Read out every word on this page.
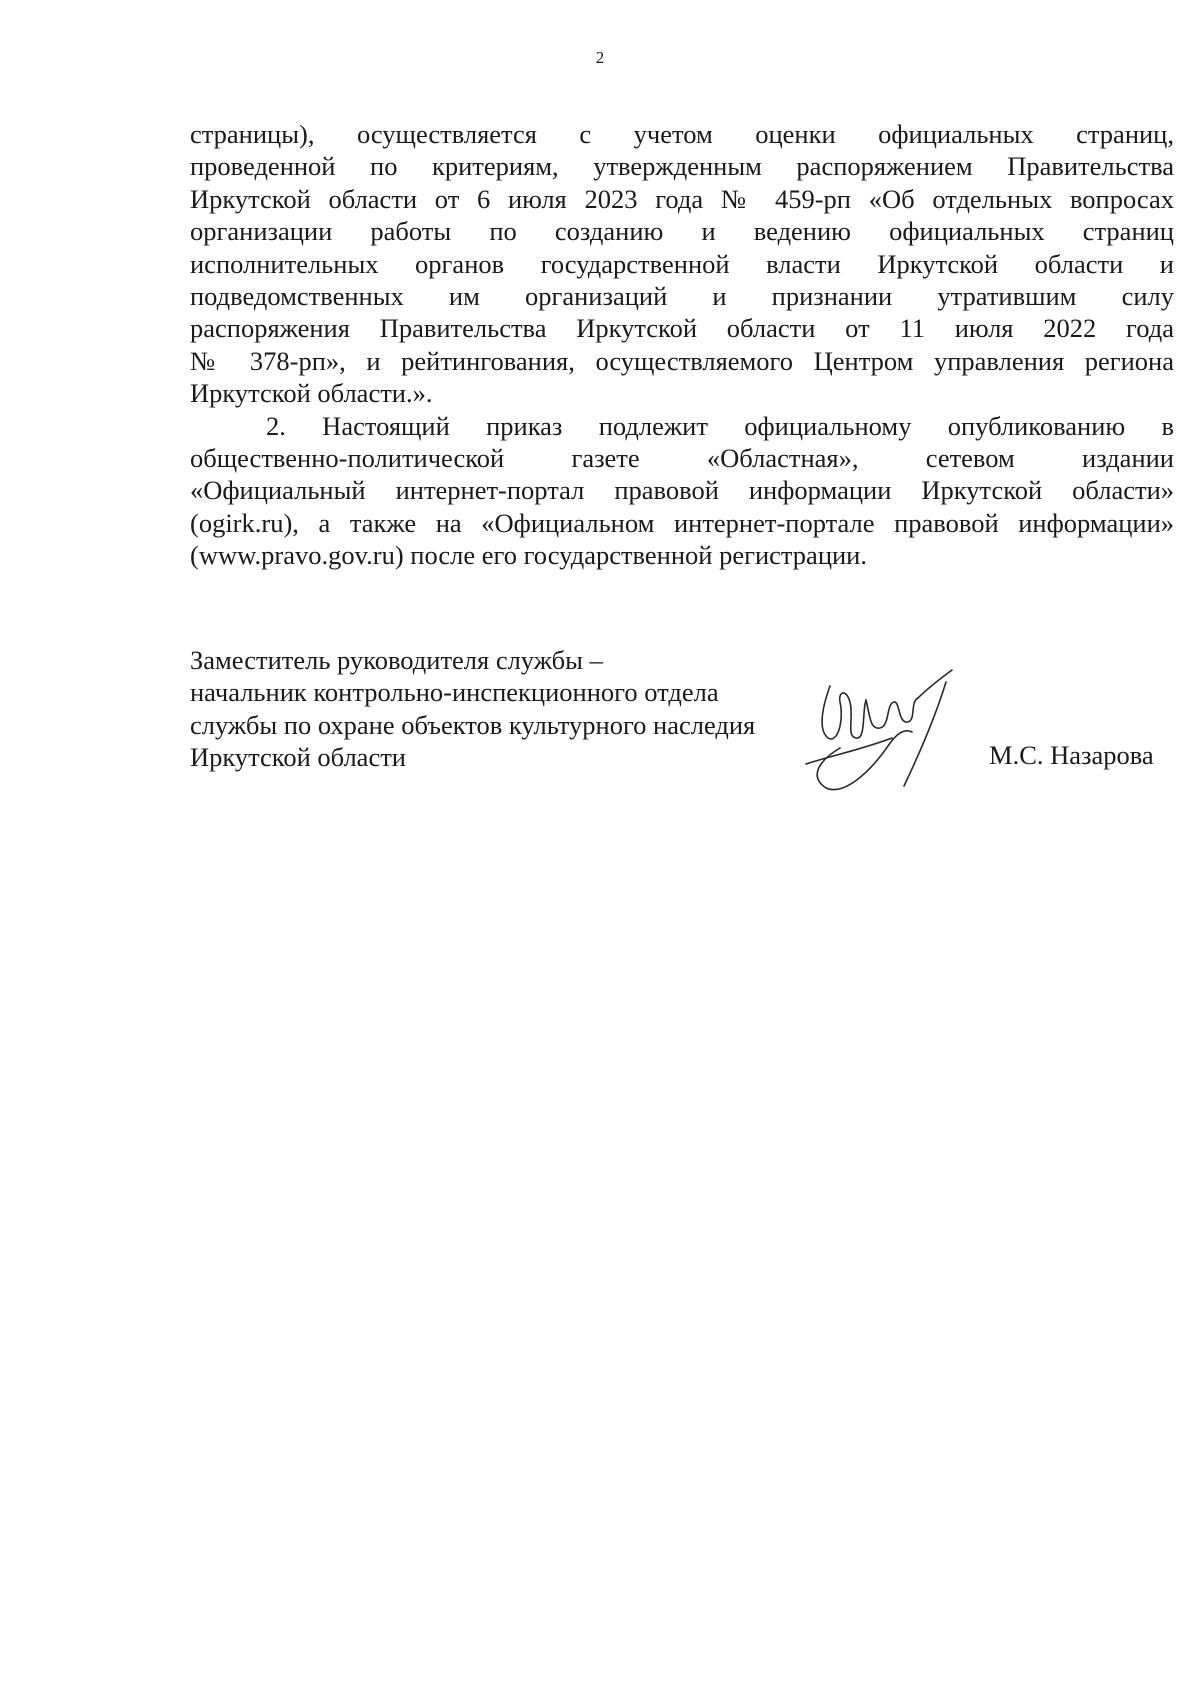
2
страницы), осуществляется с учетом оценки официальных страниц,
проведенной по критериям, утвержденным распоряжением Правительства
Иркутской области от 6 июля 2023 года № 459-рп «Об отдельных вопросах
организации работы по созданию и ведению официальных страниц
исполнительных органов государственной власти Иркутской области и
подведомственных им организаций и признании утратившим силу
распоряжения Правительства Иркутской области от 11 июля 2022 года
№ 378-рп», и рейтингования, осуществляемого Центром управления региона
Иркутской области.».
2. Настоящий приказ подлежит официальному опубликованию в
общественно-политической газете «Областная», сетевом издании
«Официальный интернет-портал правовой информации Иркутской области»
(ogirk.ru), а также на «Официальном интернет-портале правовой информации»
(www.pravo.gov.ru) после его государственной регистрации.
Заместитель руководителя службы –
начальник контрольно-инспекционного отдела
службы по охране объектов культурного наследия
Иркутской области	М.С. Назарова
